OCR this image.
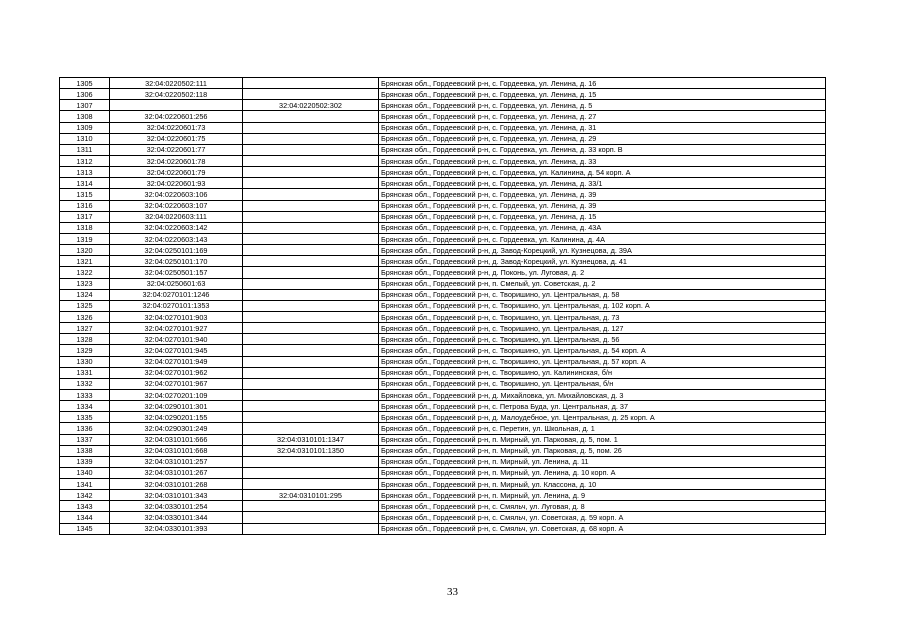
1305	32:04:0220502:111		Брянская обл., Гордеевский р-н, с. Гордеевка, ул. Ленина, д. 16
1306	32:04:0220502:118		Брянская обл., Гордеевский р-н, с. Гордеевка, ул. Ленина, д. 15
1307		32:04:0220502:302	Брянская обл., Гордеевский р-н, с. Гордеевка, ул. Ленина, д. 5
1308	32:04:0220601:256		Брянская обл., Гордеевский р-н, с. Гордеевка, ул. Ленина, д. 27
1309	32:04:0220601:73		Брянская обл., Гордеевский р-н, с. Гордеевка, ул. Ленина, д. 31
1310	32:04:0220601:75		Брянская обл., Гордеевский р-н, с. Гордеевка, ул. Ленина, д. 29
1311	32:04:0220601:77		Брянская обл., Гордеевский р-н, с. Гордеевка, ул. Ленина, д. 33 корп. В
1312	32:04:0220601:78		Брянская обл., Гордеевский р-н, с. Гордеевка, ул. Ленина, д. 33
1313	32:04:0220601:79		Брянская обл., Гордеевский р-н, с. Гордеевка, ул. Калинина, д. 54 корп. А
1314	32:04:0220601:93		Брянская обл., Гордеевский р-н, с. Гордеевка, ул. Ленина, д. 33/1
1315	32:04:0220603:106		Брянская обл., Гордеевский р-н, с. Гордеевка, ул. Ленина, д. 39
1316	32:04:0220603:107		Брянская обл., Гордеевский р-н, с. Гордеевка, ул. Ленина, д. 39
1317	32:04:0220603:111		Брянская обл., Гордеевский р-н, с. Гордеевка, ул. Ленина, д. 15
1318	32:04:0220603:142		Брянская обл., Гордеевский р-н, с. Гордеевка, ул. Ленина, д. 43А
1319	32:04:0220603:143		Брянская обл., Гордеевский р-н, с. Гордеевка, ул. Калинина, д. 4А
1320	32:04:0250101:169		Брянская обл., Гордеевский р-н, д. Завод-Корецкий, ул. Кузнецова, д. 39А
1321	32:04:0250101:170		Брянская обл., Гордеевский р-н, д. Завод-Корецкий, ул. Кузнецова, д. 41
1322	32:04:0250501:157		Брянская обл., Гордеевский р-н, д. Поконь, ул. Луговая, д. 2
1323	32:04:0250601:63		Брянская обл., Гордеевский р-н, п. Смелый, ул. Советская, д. 2
1324	32:04:0270101:1246		Брянская обл., Гордеевский р-н, с. Творишино, ул. Центральная, д. 58
1325	32:04:0270101:1353		Брянская обл., Гордеевский р-н, с. Творишино, ул. Центральная, д. 102 корп. А
1326	32:04:0270101:903		Брянская обл., Гордеевский р-н, с. Творишино, ул. Центральная, д. 73
1327	32:04:0270101:927		Брянская обл., Гордеевский р-н, с. Творишино, ул. Центральная, д. 127
1328	32:04:0270101:940		Брянская обл., Гордеевский р-н, с. Творишино, ул. Центральная, д. 56
1329	32:04:0270101:945		Брянская обл., Гордеевский р-н, с. Творишино, ул. Центральная, д. 54 корп. А
1330	32:04:0270101:949		Брянская обл., Гордеевский р-н, с. Творишино, ул. Центральная, д. 57 корп. А
1331	32:04:0270101:962		Брянская обл., Гордеевский р-н, с. Творишино, ул. Калининская, б/н
1332	32:04:0270101:967		Брянская обл., Гордеевский р-н, с. Творишино, ул. Центральная, б/н
1333	32:04:0270201:109		Брянская обл., Гордеевский р-н, д. Михайловка, ул. Михайловская, д. 3
1334	32:04:0290101:301		Брянская обл., Гордеевский р-н, с. Петрова Буда, ул. Центральная, д. 37
1335	32:04:0290201:155		Брянская обл., Гордеевский р-н, д. Малоудебное, ул. Центральная, д. 25 корп. А
1336	32:04:0290301:249		Брянская обл., Гордеевский р-н, с. Перетин, ул. Школьная, д. 1
1337	32:04:0310101:666	32:04:0310101:1347	Брянская обл., Гордеевский р-н, п. Мирный, ул. Парковая, д. 5, пом. 1
1338	32:04:0310101:668	32:04:0310101:1350	Брянская обл., Гордеевский р-н, п. Мирный, ул. Парковая, д. 5, пом. 26
1339	32:04:0310101:257		Брянская обл., Гордеевский р-н, п. Мирный, ул. Ленина, д. 11
1340	32:04:0310101:267		Брянская обл., Гордеевский р-н, п. Мирный, ул. Ленина, д. 10 корп. А
1341	32:04:0310101:268		Брянская обл., Гордеевский р-н, п. Мирный, ул. Классона, д. 10
1342	32:04:0310101:343	32:04:0310101:295	Брянская обл., Гордеевский р-н, п. Мирный, ул. Ленина, д. 9
1343	32:04:0330101:254		Брянская обл., Гордеевский р-н, с. Смяльч, ул. Луговая, д. 8
1344	32:04:0330101:344		Брянская обл., Гордеевский р-н, с. Смяльч, ул. Советская, д. 59 корп. А
1345	32:04:0330101:393		Брянская обл., Гордеевский р-н, с. Смяльч, ул. Советская, д. 68 корп. А
33
